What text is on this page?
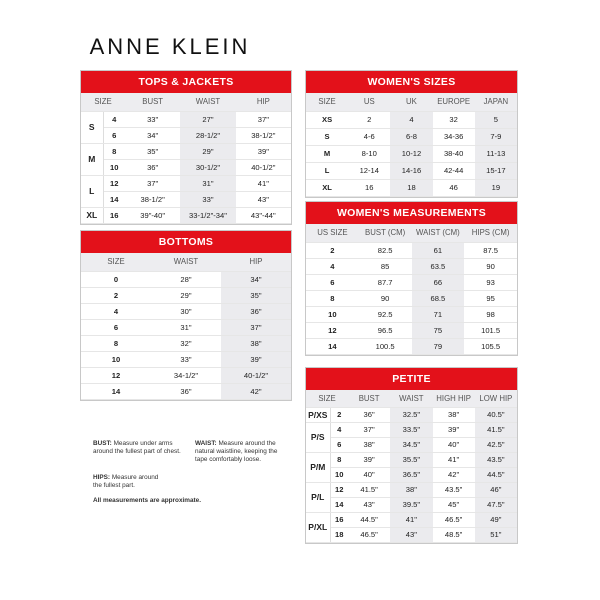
ANNE KLEIN
TOPS & JACKETS
SIZE		BUST	WAIST	HIP
S	4	33"	27"	37"
	6	34"	28-1/2"	38-1/2"
M	8	35"	29"	39"
	10	36"	30-1/2"	40-1/2"
L	12	37"	31"	41"
	14	38-1/2"	33"	43"
XL	16	39"-40"	33-1/2"-34"	43"-44"
BOTTOMS
SIZE	WAIST	HIP
0	28"	34"
2	29"	35"
4	30"	36"
6	31"	37"
8	32"	38"
10	33"	39"
12	34-1/2"	40-1/2"
14	36"	42"
WOMEN'S SIZES
SIZE	US	UK	EUROPE	JAPAN
XS	2	4	32	5
S	4-6	6-8	34-36	7-9
M	8-10	10-12	38-40	11-13
L	12-14	14-16	42-44	15-17
XL	16	18	46	19
WOMEN'S MEASUREMENTS
US SIZE	BUST (CM)	WAIST (CM)	HIPS (CM)
2	82.5	61	87.5
4	85	63.5	90
6	87.7	66	93
8	90	68.5	95
10	92.5	71	98
12	96.5	75	101.5
14	100.5	79	105.5
PETITE
SIZE		BUST	WAIST	HIGH HIP	LOW HIP
P/XS	2	36"	32.5"	38"	40.5"
P/S	4	37"	33.5"	39"	41.5"
	6	38"	34.5"	40"	42.5"
P/M	8	39"	35.5"	41"	43.5"
	10	40"	36.5"	42"	44.5"
P/L	12	41.5"	38"	43.5"	46"
	14	43"	39.5"	45"	47.5"
P/XL	16	44.5"	41"	46.5"	49"
	18	46.5"	43"	48.5"	51"
BUST: Measure under arms around the fullest part of chest.
WAIST: Measure around the natural waistline, keeping the tape comfortably loose.
HIPS: Measure around the fullest part.
All measurements are approximate.
